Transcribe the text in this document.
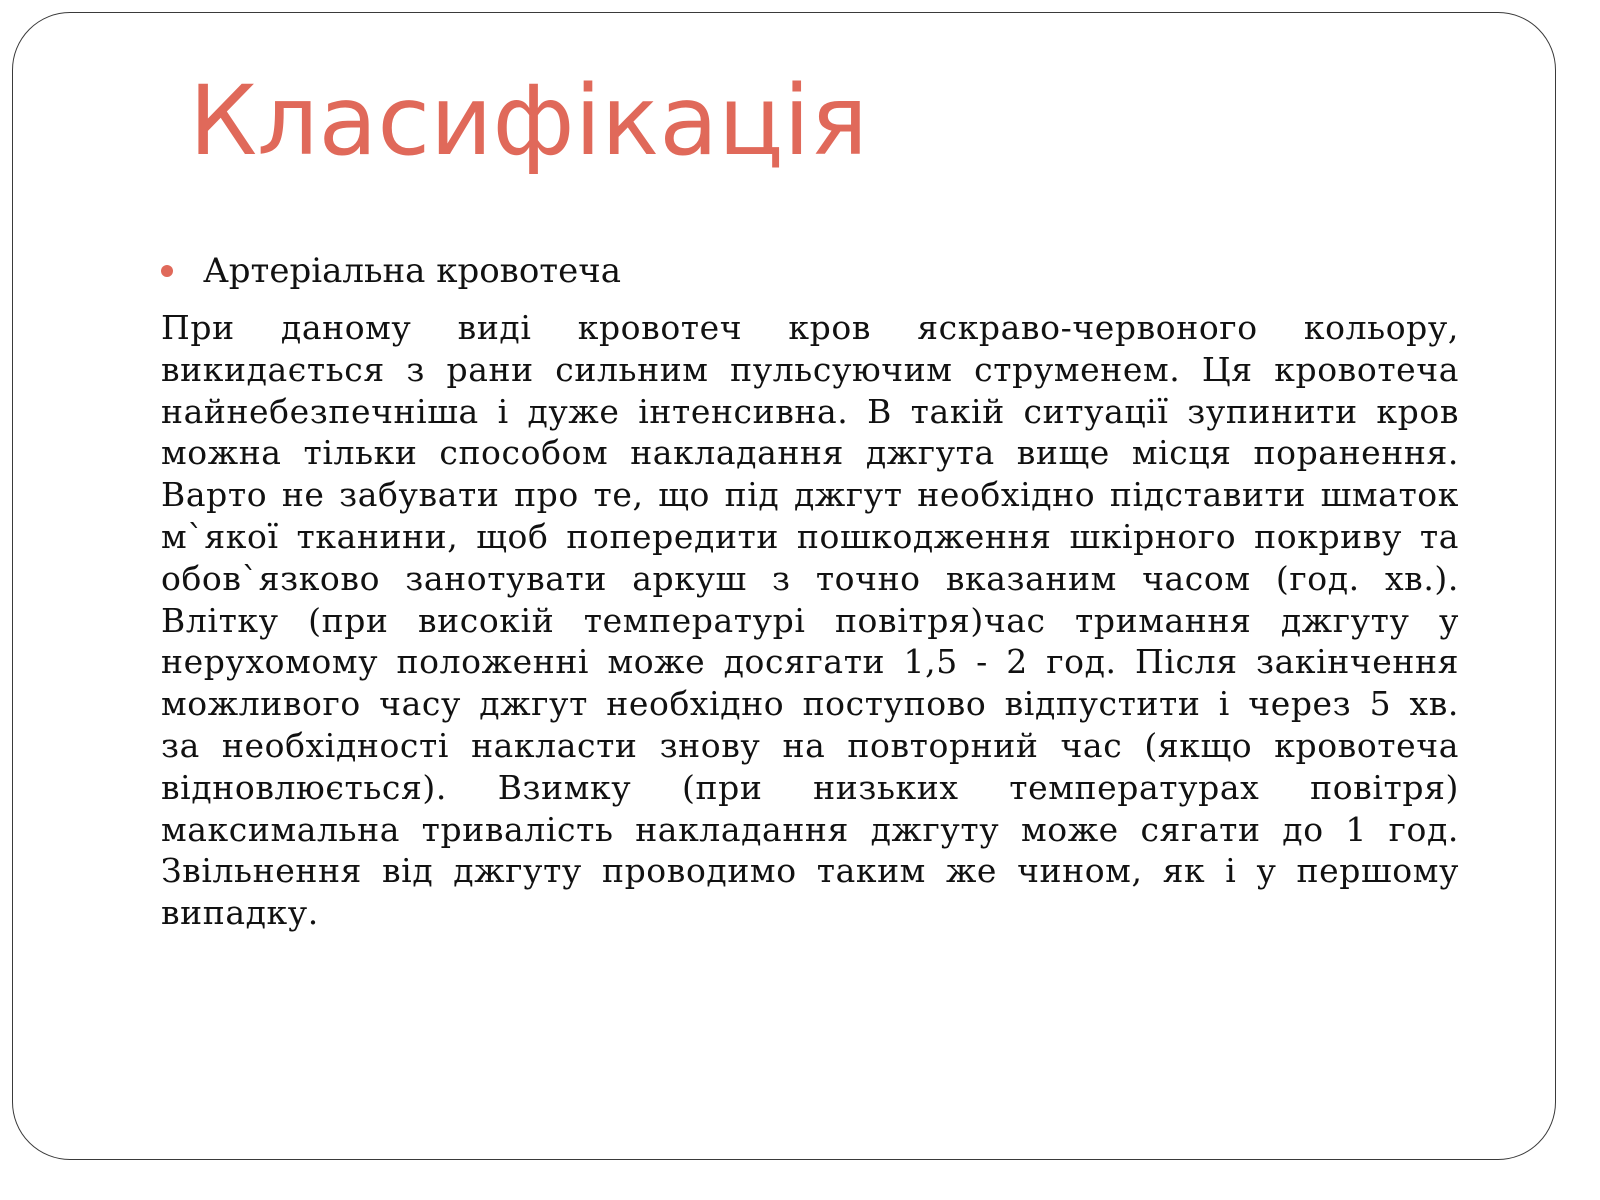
Класифікація
Артеріальна кровотеча

При даному виді кровотеч кров яскраво-червоного кольору, викидається з рани сильним пульсуючим струменем. Ця кровотеча найнебезпечніша і дуже інтенсивна. В такій ситуації зупинити кров можна тільки способом накладання джгута вище місця поранення. Варто не забувати про те, що під джгут необхідно підставити шматок м`якої тканини, щоб попередити пошкодження шкірного покриву та обов`язково занотувати аркуш з точно вказаним часом (год. хв.). Влітку (при високій температурі повітря)час тримання джгуту у нерухомому положенні може досягати 1,5 - 2 год. Після закінчення можливого часу джгут необхідно поступово відпустити і через 5 хв. за необхідності накласти знову на повторний час (якщо кровотеча відновлюється). Взимку (при низьких температурах повітря) максимальна тривалість накладання джгуту може сягати до 1 год. Звільнення від джгуту проводимо таким же чином, як і у першому випадку.
